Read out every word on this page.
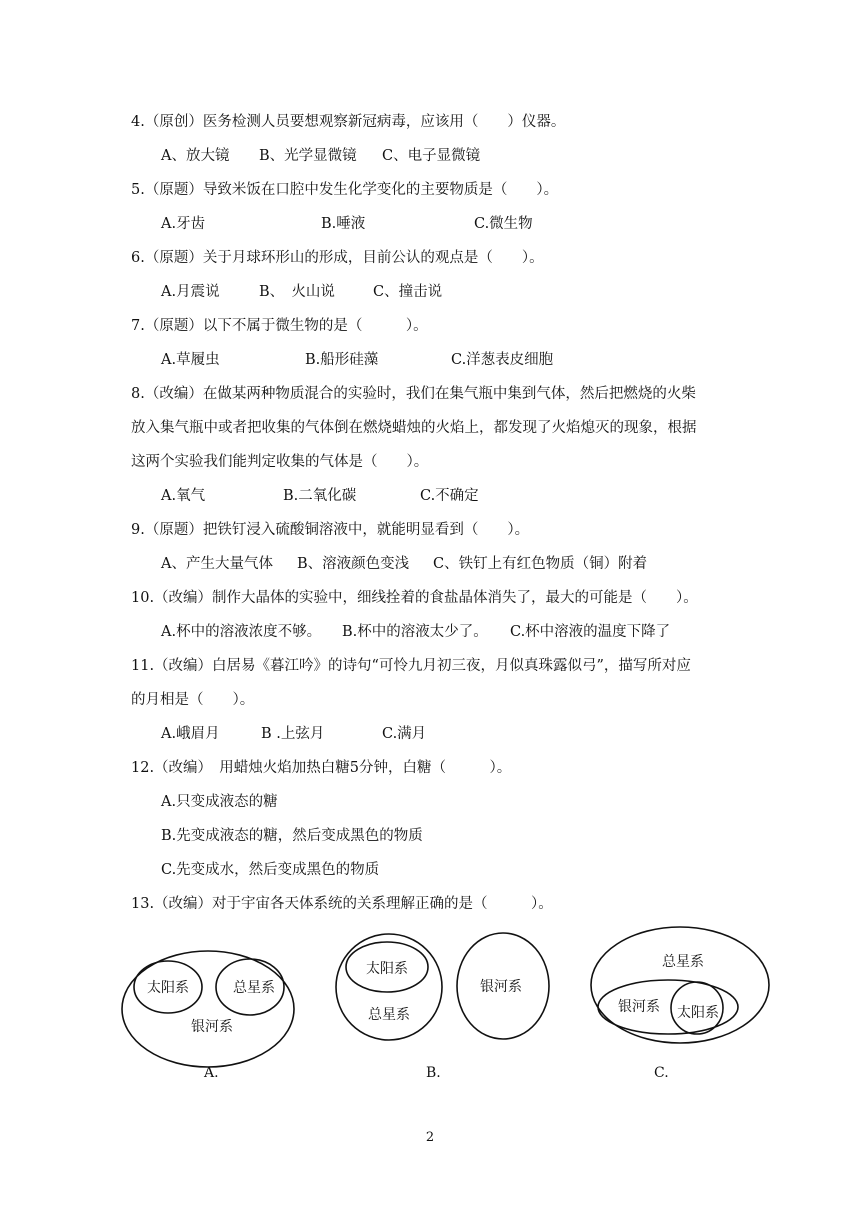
4.（原创）医务检测人员要想观察新冠病毒，应该用（　　）仪器。
A、放大镜 B、光学显微镜 C、电子显微镜
5.（原题）导致米饭在口腔中发生化学变化的主要物质是（　　）。
A.牙齿	B.唾液	C.微生物
6.（原题）关于月球环形山的形成，目前公认的观点是（　　）。
A.月震说	B、　火山说	C、撞击说
7.（原题）以下不属于微生物的是（　　　）。
A.草履虫	B.船形硅藻	C.洋葱表皮细胞
8.（改编）在做某两种物质混合的实验时，我们在集气瓶中集到气体，然后把燃烧的火柴
放入集气瓶中或者把收集的气体倒在燃烧蜡烛的火焰上，都发现了火焰熄灭的现象，根据
这两个实验我们能判定收集的气体是（　　）。
A.氧气	B.二氧化碳	C.不确定
9.（原题）把铁钉浸入硫酸铜溶液中，就能明显看到（　　）。
A、产生大量气体 B、溶液颜色变浅 C、铁钉上有红色物质（铜）附着
10.（改编）制作大晶体的实验中，细线拴着的食盐晶体消失了，最大的可能是（　　）。
A.杯中的溶液浓度不够。 B.杯中的溶液太少了。 C.杯中溶液的温度下降了
11.（改编）白居易《暮江吟》的诗句“可怜九月初三夜，月似真珠露似弓”，描写所对应
的月相是（　　）。
A.峨眉月	B .上弦月	C.满月
12.（改编）　用蜡烛火焰加热白糖5分钟，白糖（　　　）。
A.只变成液态的糖
B.先变成液态的糖，然后变成黑色的物质
C.先变成水，然后变成黑色的物质
13.（改编）对于宇宙各天体系统的关系理解正确的是（　　　）。
太阳系	总星系
银河系
太阳系
总星系
银河系
总星系
银河系 太阳系
A.	B.	C.
2
